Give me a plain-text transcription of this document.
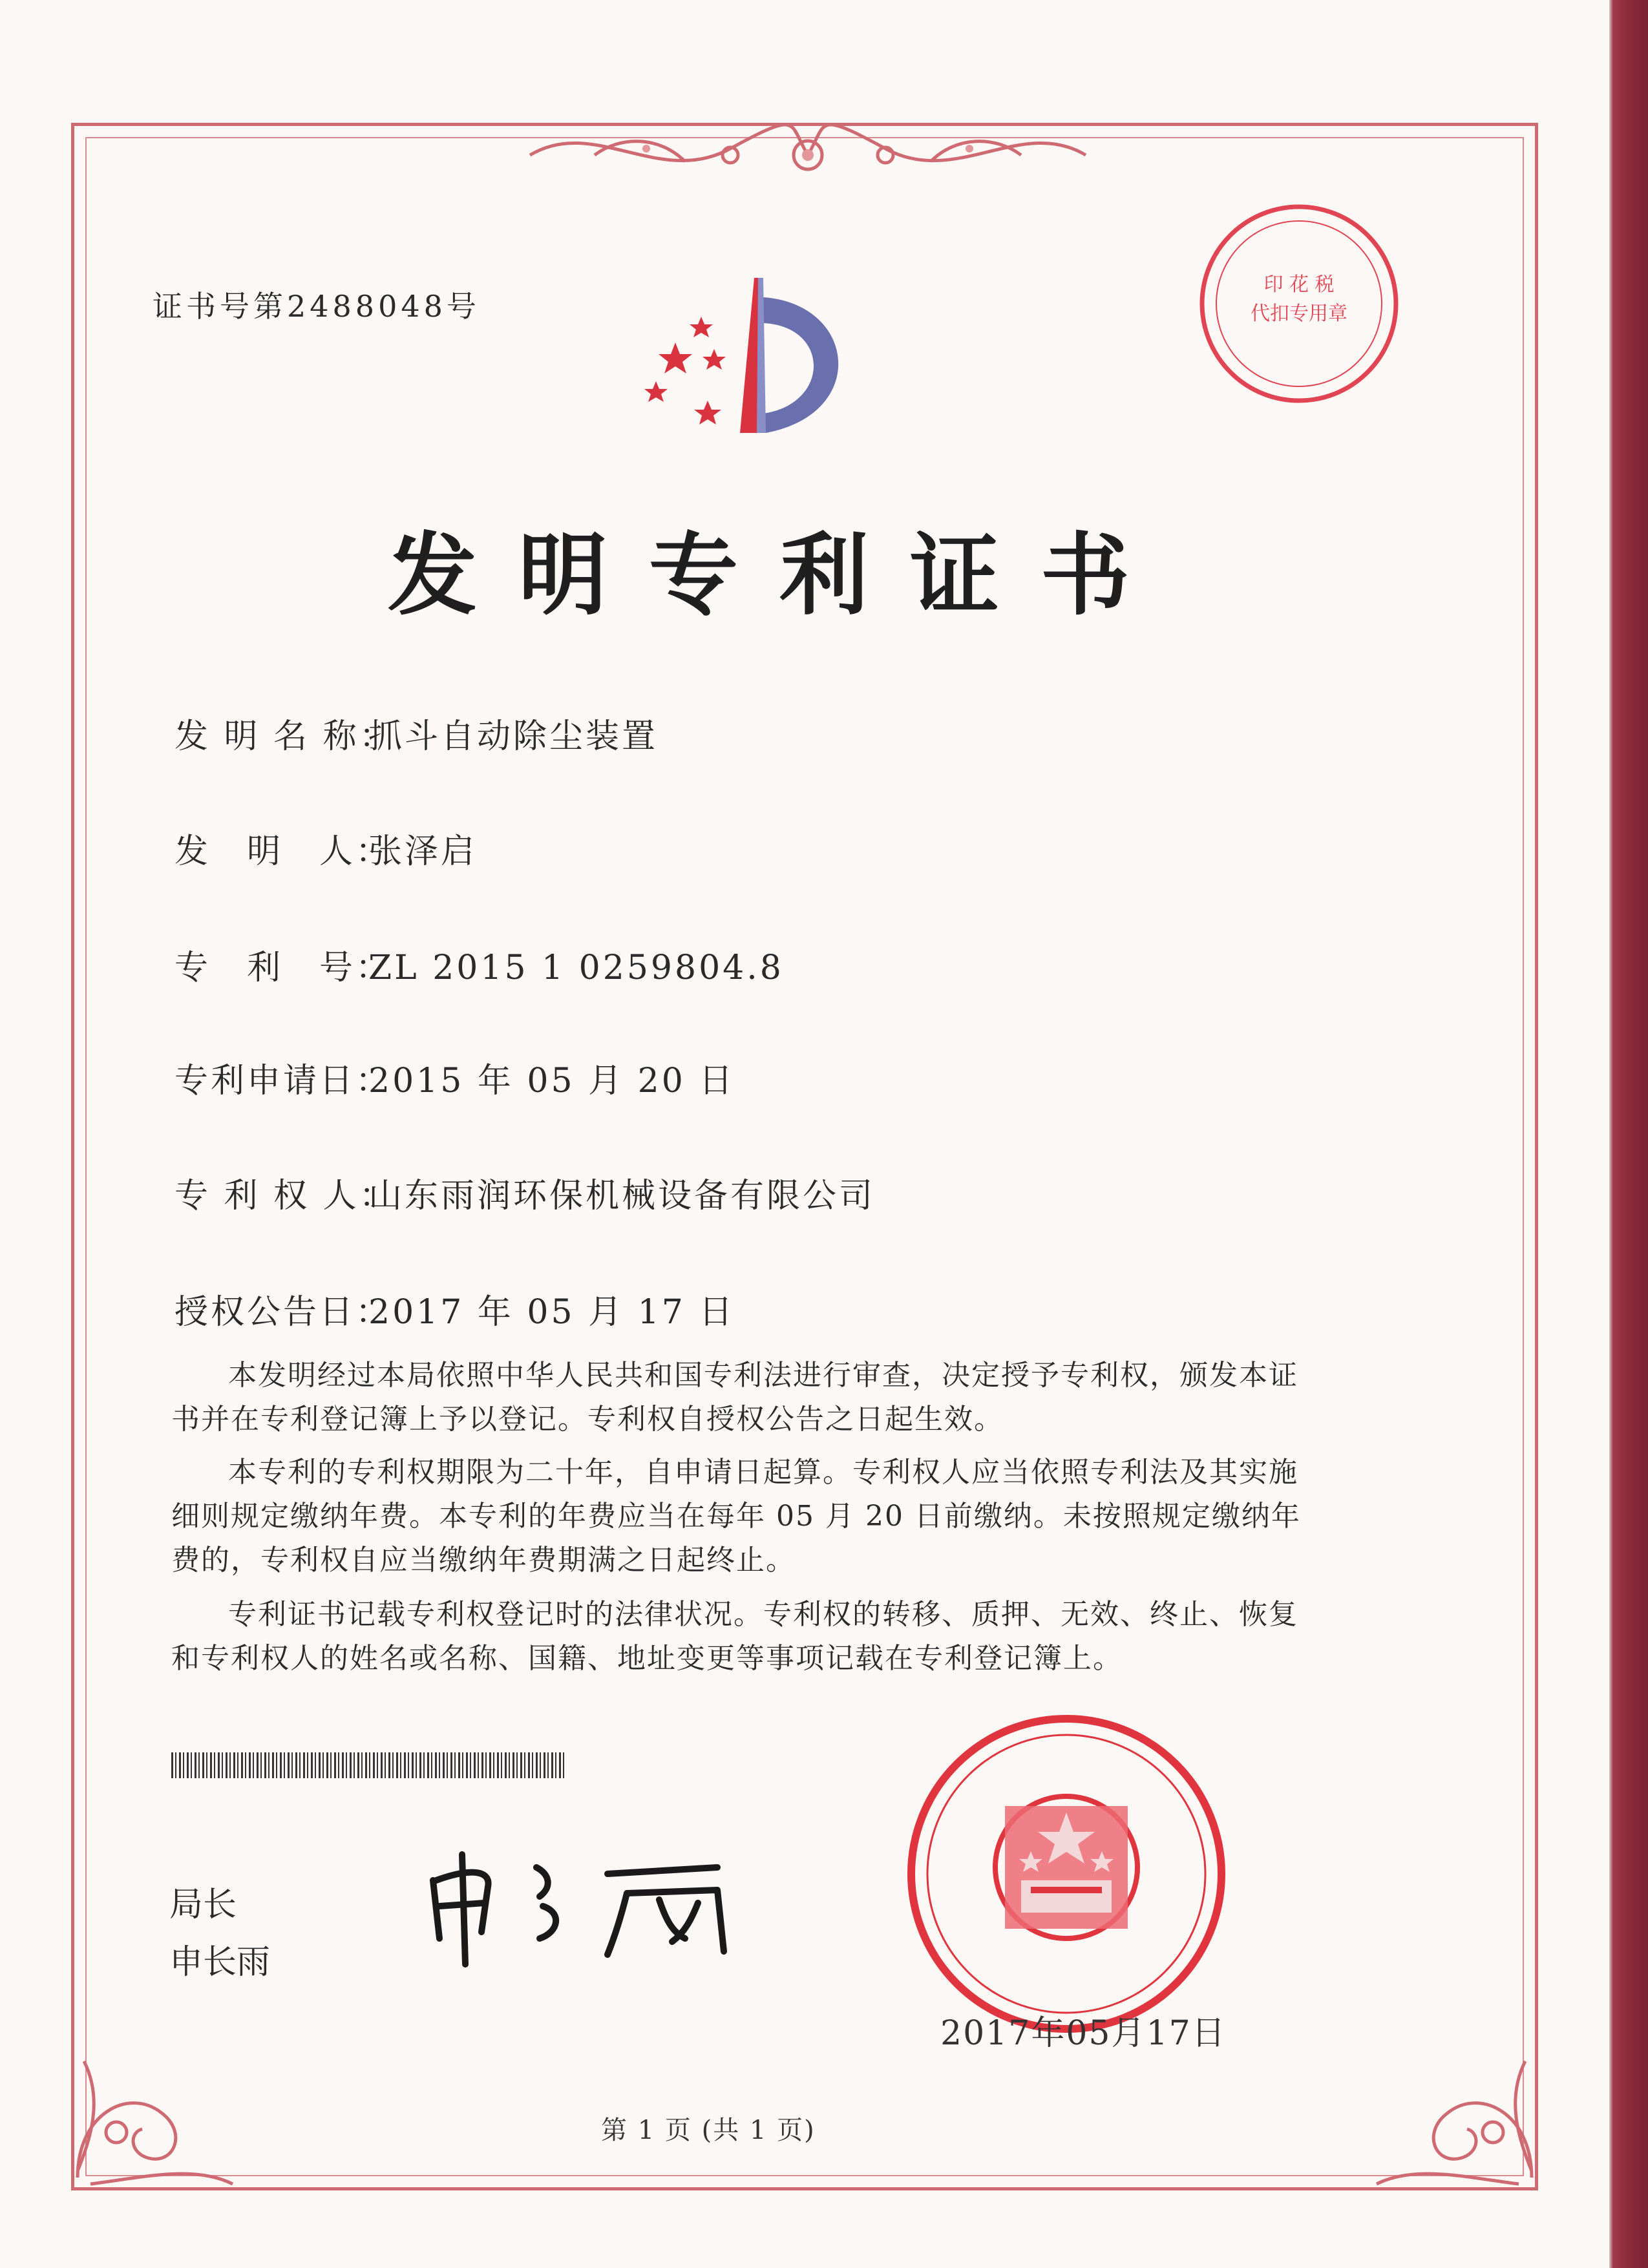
证书号第2488048号
印 花 税
代扣专用章
发明专利证书
发 明 名 称：抓斗自动除尘装置
发　明　人：张泽启
专　利　号：ZL 2015 1 0259804.8
专利申请日：2015 年 05 月 20 日
专 利 权 人：山东雨润环保机械设备有限公司
授权公告日：2017 年 05 月 17 日
本发明经过本局依照中华人民共和国专利法进行审查，决定授予专利权，颁发本证书并在专利登记簿上予以登记。专利权自授权公告之日起生效。
本专利的专利权期限为二十年，自申请日起算。专利权人应当依照专利法及其实施细则规定缴纳年费。本专利的年费应当在每年 05 月 20 日前缴纳。未按照规定缴纳年费的，专利权自应当缴纳年费期满之日起终止。
专利证书记载专利权登记时的法律状况。专利权的转移、质押、无效、终止、恢复和专利权人的姓名或名称、国籍、地址变更等事项记载在专利登记簿上。
局长
申长雨
2017年05月17日
第 1 页 (共 1 页)
